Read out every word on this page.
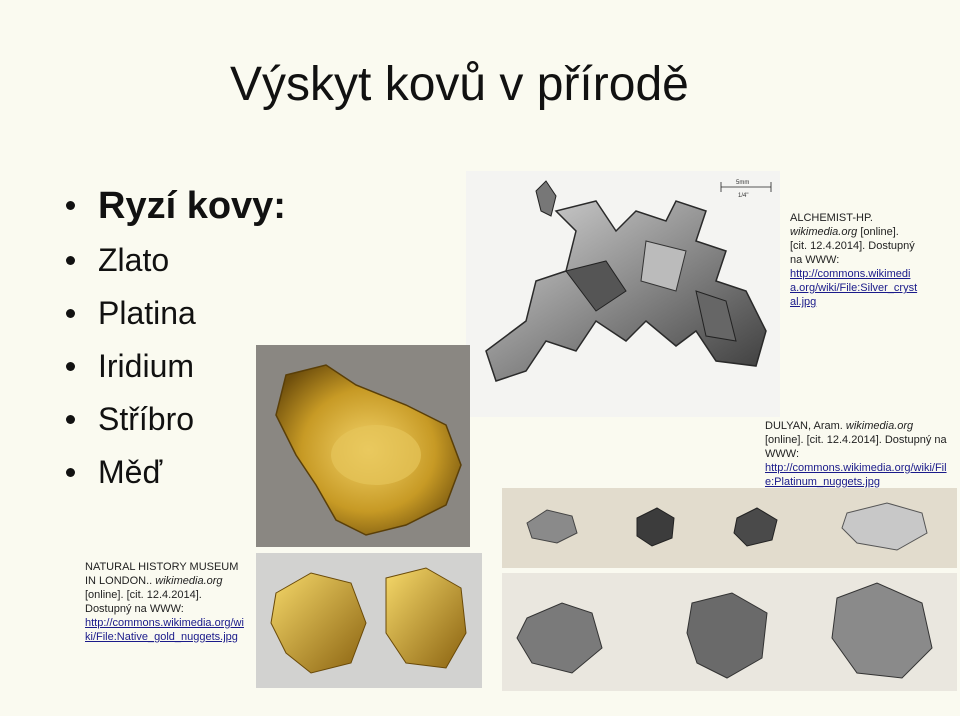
Výskyt kovů v přírodě
Ryzí kovy:
Zlato
Platina
Iridium
Stříbro
Měď
5mm
1/4"
ALCHEMIST-HP.
wikimedia.org [online]. [cit. 12.4.2014]. Dostupný na WWW:
http://commons.wikimedia.org/wiki/File:Silver_crystal.jpg
DULYAN, Aram. wikimedia.org
[online]. [cit. 12.4.2014]. Dostupný na WWW:
http://commons.wikimedia.org/wiki/File:Platinum_nuggets.jpg
NATURAL HISTORY MUSEUM IN LONDON.. wikimedia.org
[online]. [cit. 12.4.2014]. Dostupný na WWW:
http://commons.wikimedia.org/wiki/File:Native_gold_nuggets.jpg
